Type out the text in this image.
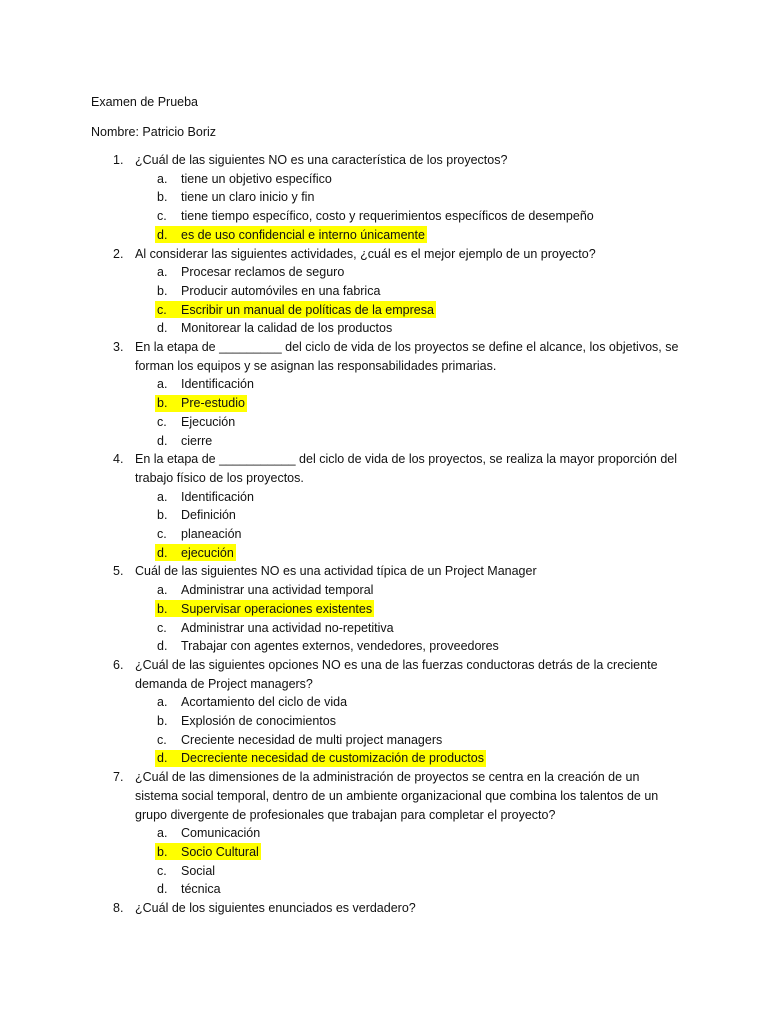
Examen de Prueba
Nombre: Patricio Boriz
1. ¿Cuál de las siguientes NO es una característica de los proyectos?
a. tiene un objetivo específico
b. tiene un claro inicio y fin
c. tiene tiempo específico, costo y requerimientos específicos de desempeño
d. es de uso confidencial e interno únicamente
2. Al considerar las siguientes actividades, ¿cuál es el mejor ejemplo de un proyecto?
a. Procesar reclamos de seguro
b. Producir automóviles en una fabrica
c. Escribir un manual de políticas de la empresa
d. Monitorear la calidad de los productos
3. En la etapa de _________ del ciclo de vida de los proyectos se define el alcance, los objetivos, se
forman los equipos y se asignan las responsabilidades primarias.
a. Identificación
b. Pre-estudio
c. Ejecución
d. cierre
4. En la etapa de ___________ del ciclo de vida de los proyectos, se realiza la mayor proporción del
trabajo físico de los proyectos.
a. Identificación
b. Definición
c. planeación
d. ejecución
5. Cuál de las siguientes NO es una actividad típica de un Project Manager
a. Administrar una actividad temporal
b. Supervisar operaciones existentes
c. Administrar una actividad no-repetitiva
d. Trabajar con agentes externos, vendedores, proveedores
6. ¿Cuál de las siguientes opciones NO es una de las fuerzas conductoras detrás de la creciente
demanda de Project managers?
a. Acortamiento del ciclo de vida
b. Explosión de conocimientos
c. Creciente necesidad de multi project managers
d. Decreciente necesidad de customización de productos
7. ¿Cuál de las dimensiones de la administración de proyectos se centra en la creación de un
sistema social temporal, dentro de un ambiente organizacional que combina los talentos de un
grupo divergente de profesionales que trabajan para completar el proyecto?
a. Comunicación
b. Socio Cultural
c. Social
d. técnica
8. ¿Cuál de los siguientes enunciados es verdadero?
